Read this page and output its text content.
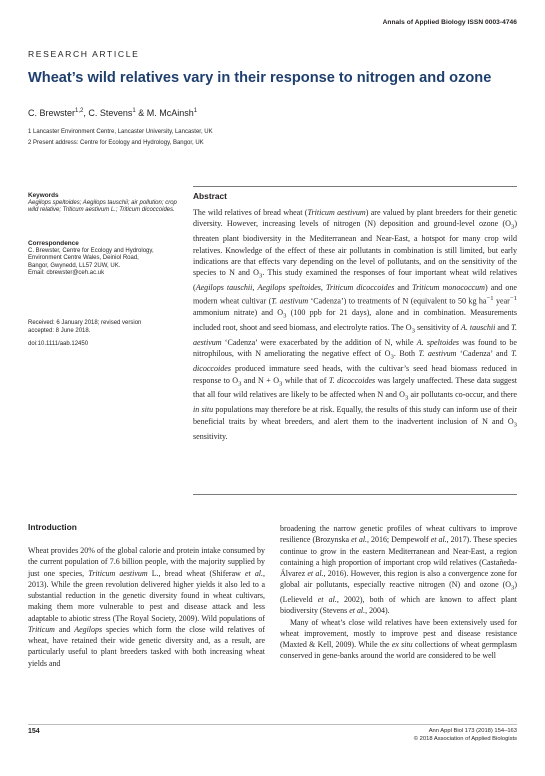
Annals of Applied Biology ISSN 0003-4746
RESEARCH ARTICLE
Wheat’s wild relatives vary in their response to nitrogen and ozone
C. Brewster$^{1,2}$, C. Stevens$^1$ & M. McAinsh$^1$
1 Lancaster Environment Centre, Lancaster University, Lancaster, UK
2 Present address: Centre for Ecology and Hydrology, Bangor, UK
Keywords
Aegilops speltoides; Aegilops tauschii; air pollution; crop wild relative; Triticum aestivum L.; Triticum dicoccoides.
Correspondence
C. Brewster, Centre for Ecology and Hydrology,
Environment Centre Wales, Deiniol Road,
Bangor, Gwynedd, LL57 2UW, UK.
Email: cbrewster@ceh.ac.uk
Received: 6 January 2018; revised version
accepted: 8 June 2018.
doi:10.1111/aab.12450
Abstract

The wild relatives of bread wheat (Triticum aestivum) are valued by plant breeders for their genetic diversity. However, increasing levels of nitrogen (N) deposition and ground-level ozone $(O_3)$ threaten plant biodiversity in the Mediterranean and Near-East, a hotspot for many crop wild relatives. Knowledge of the effect of these air pollutants in combination is still limited, but early indications are that effects vary depending on the level of pollutants, and on the sensitivity of the species to N and $O_3$. This study examined the responses of four important wheat wild relatives (Aegilops tauschii, Aegilops speltoides, Triticum dicoccoides and Triticum monococcum) and one modern wheat cultivar (T. aestivum ‘Cadenza’) to treatments of N (equivalent to 50 kg $ha^{-1}$ year$^{-1}$ ammonium nitrate) and $O_3$ (100 ppb for 21 days), alone and in combination. Measurements included root, shoot and seed biomass, and electrolyte ratios. The $O_3$ sensitivity of A. tauschii and T. aestivum ‘Cadenza’ were exacerbated by the addition of N, while A. speltoides was found to be nitrophilous, with N ameliorating the negative effect of $O_3$. Both T. aestivum ‘Cadenza’ and T. dicoccoides produced immature seed heads, with the cultivar’s seed head biomass reduced in response to $O_3$ and $N + O_3$ while that of T. dicoccoides was largely unaffected. These data suggest that all four wild relatives are likely to be affected when N and $O_3$ air pollutants co-occur, and there in situ populations may therefore be at risk. Equally, the results of this study can inform use of their beneficial traits by wheat breeders, and alert them to the inadvertent inclusion of N and $O_3$ sensitivity.

Introduction

Wheat provides 20% of the global calorie and protein intake consumed by the current population of 7.6 billion people, with the majority supplied by just one species, Triticum aestivum L., bread wheat (Shiferaw et al., 2013). While the green revolution delivered higher yields it also led to a substantial reduction in the genetic diversity found in wheat cultivars, making them more vulnerable to pest and disease attack and less adaptable to abiotic stress (The Royal Society, 2009). Wild populations of Triticum and Aegilops species which form the close wild relatives of wheat, have retained their wide genetic diversity and, as a result, are particularly useful to plant breeders tasked with both increasing wheat yields and

broadening the narrow genetic profiles of wheat cultivars to improve resilience (Brozynska et al., 2016; Dempewolf et al., 2017). These species continue to grow in the eastern Mediterranean and Near-East, a region containing a high proportion of important crop wild relatives (Castañeda-Álvarez et al., 2016). However, this region is also a convergence zone for global air pollutants, especially reactive nitrogen (N) and ozone $(O_3)$ (Lelieveld et al., 2002), both of which are known to affect plant biodiversity (Stevens et al., 2004).

Many of wheat’s close wild relatives have been extensively used for wheat improvement, mostly to improve pest and disease resistance (Maxted & Kell, 2009). While the ex situ collections of wheat germplasm conserved in gene-banks around the world are considered to be well

154	Ann Appl Biol 173 (2018) 154–163
© 2018 Association of Applied Biologists
